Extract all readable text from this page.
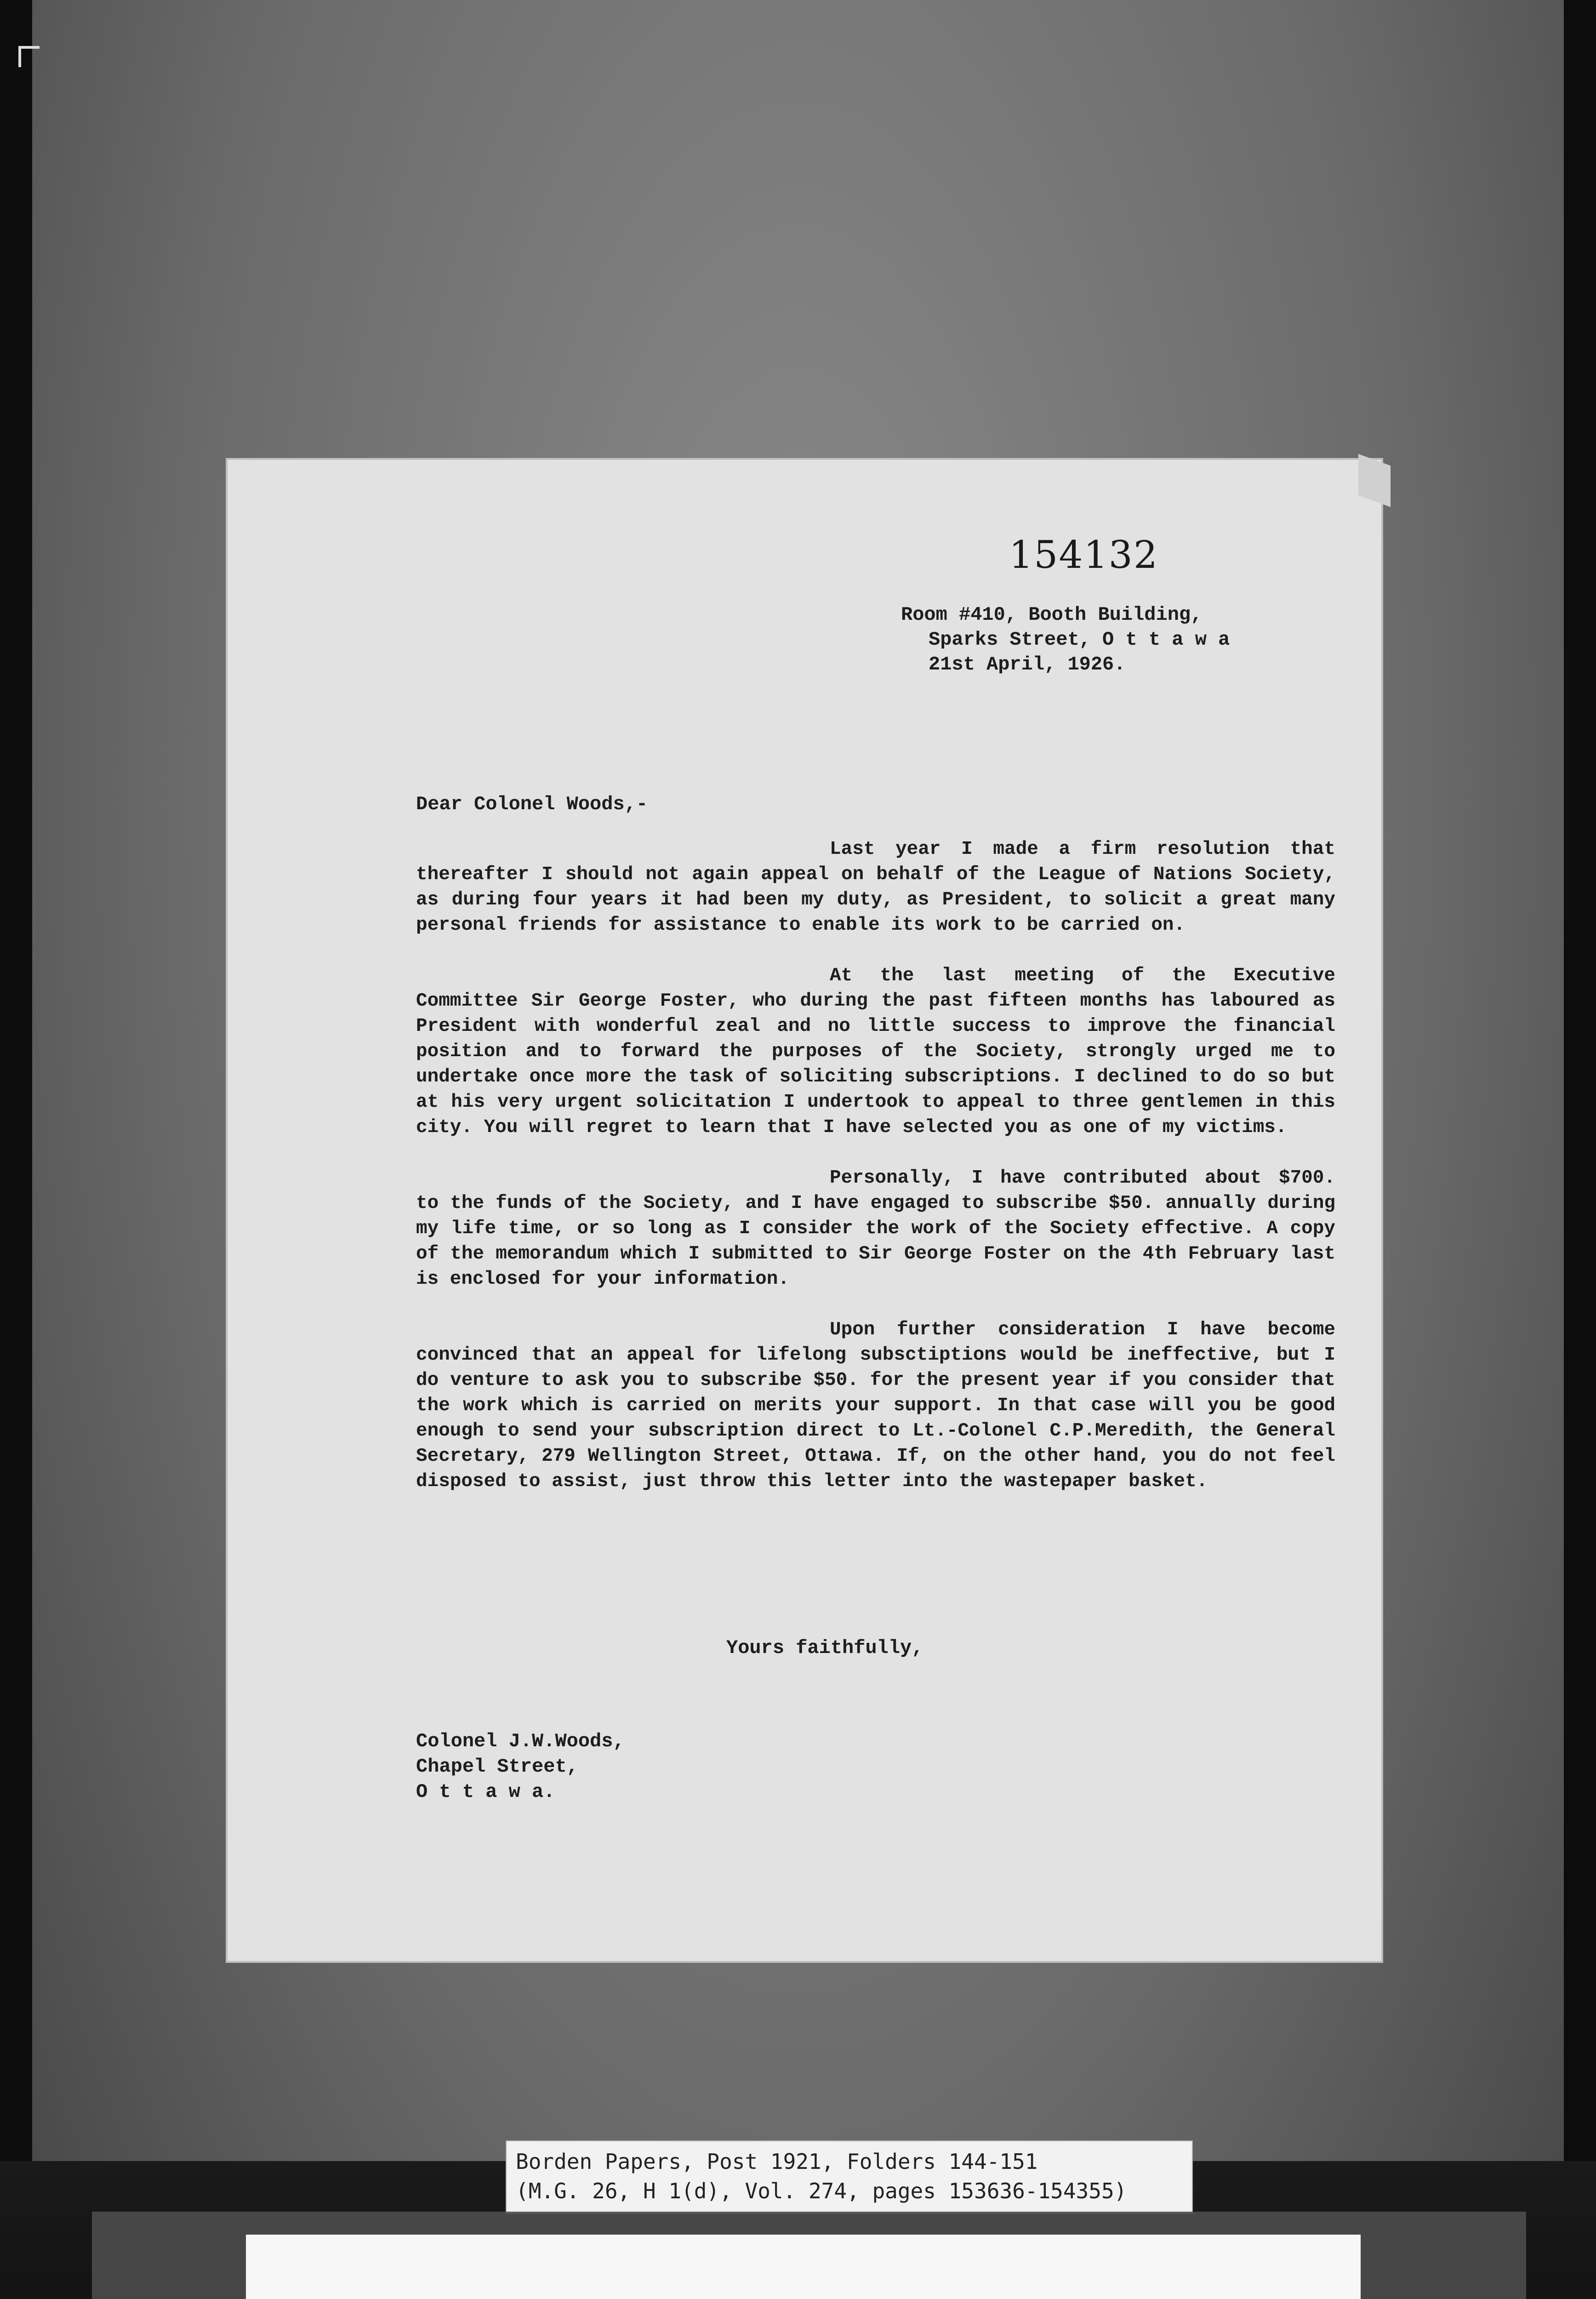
154132
Room #410, Booth Building,
Sparks Street, O t t a w a
21st April, 1926.
Dear Colonel Woods,-

Last year I made a firm resolution that thereafter I should not again appeal on behalf of the League of Nations Society, as during four years it had been my duty, as President, to solicit a great many personal friends for assistance to enable its work to be carried on.

At the last meeting of the Executive Committee Sir George Foster, who during the past fifteen months has laboured as President with wonderful zeal and no little success to improve the financial position and to forward the purposes of the Society, strongly urged me to undertake once more the task of soliciting subscriptions. I declined to do so but at his very urgent solicitation I undertook to appeal to three gentlemen in this city. You will regret to learn that I have selected you as one of my victims.

Personally, I have contributed about $700. to the funds of the Society, and I have engaged to subscribe $50. annually during my life time, or so long as I consider the work of the Society effective. A copy of the memorandum which I submitted to Sir George Foster on the 4th February last is enclosed for your information.

Upon further consideration I have become convinced that an appeal for lifelong subsctiptions would be ineffective, but I do venture to ask you to subscribe $50. for the present year if you consider that the work which is carried on merits your support. In that case will you be good enough to send your subscription direct to Lt.-Colonel C.P.Meredith, the General Secretary, 279 Wellington Street, Ottawa. If, on the other hand, you do not feel disposed to assist, just throw this letter into the wastepaper basket.

Yours faithfully,
Colonel J.W.Woods,
Chapel Street,
O t t a w a.
Borden Papers, Post 1921, Folders 144-151
(M.G. 26, H 1(d), Vol. 274, pages 153636-154355)
